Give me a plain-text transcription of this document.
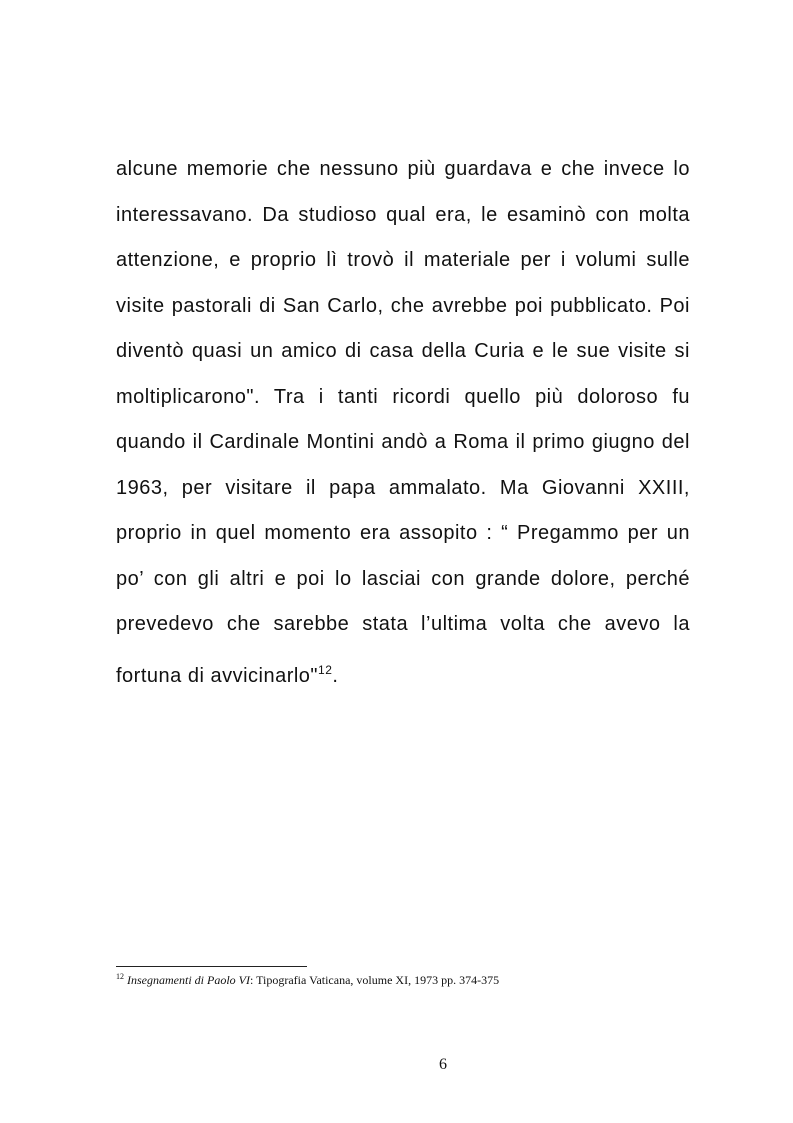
alcune memorie che nessuno più guardava e che invece lo
interessavano. Da studioso qual era, le esaminò con molta
attenzione, e proprio lì trovò il materiale per i volumi sulle
visite pastorali di San Carlo, che avrebbe poi pubblicato. Poi
diventò quasi un amico di casa della Curia e le sue visite si
moltiplicarono". Tra i tanti ricordi quello più doloroso fu
quando il Cardinale Montini andò a Roma il primo giugno del
1963, per visitare il papa ammalato. Ma Giovanni XXIII,
proprio in quel momento era assopito : “ Pregammo per un
po’ con gli altri e poi lo lasciai con grande dolore, perché
prevedevo che sarebbe stata l’ultima volta che avevo la
fortuna di avvicinarlo"$^{12}$.
$^{12}$ Insegnamenti di Paolo VI: Tipografia Vaticana, volume XI, 1973 pp. 374-375
6
